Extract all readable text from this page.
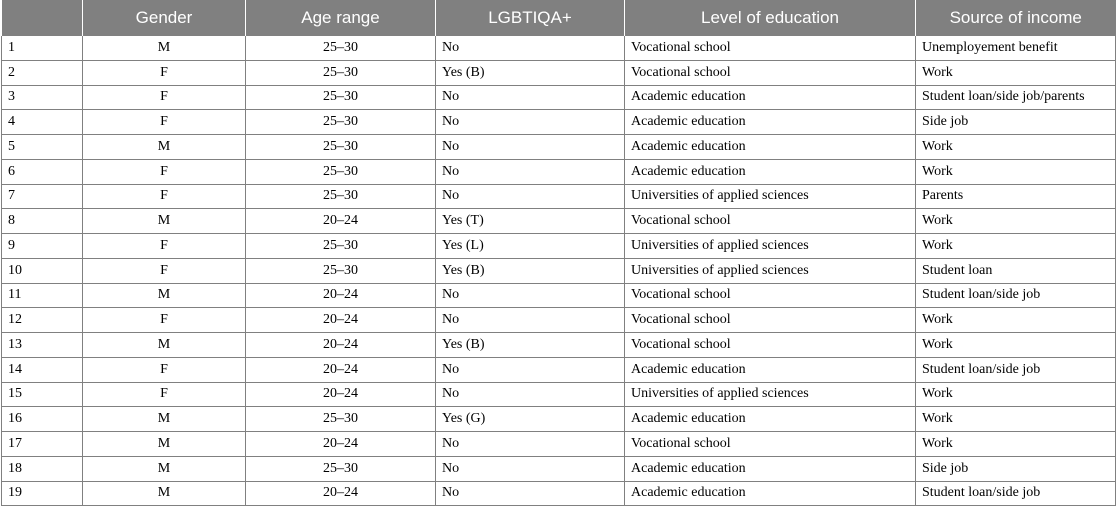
	Gender	Age range	LGBTIQA+	Level of education	Source of income
1	M	25–30	No	Vocational school	Unemployement benefit
2	F	25–30	Yes (B)	Vocational school	Work
3	F	25–30	No	Academic education	Student loan/side job/parents
4	F	25–30	No	Academic education	Side job
5	M	25–30	No	Academic education	Work
6	F	25–30	No	Academic education	Work
7	F	25–30	No	Universities of applied sciences	Parents
8	M	20–24	Yes (T)	Vocational school	Work
9	F	25–30	Yes (L)	Universities of applied sciences	Work
10	F	25–30	Yes (B)	Universities of applied sciences	Student loan
11	M	20–24	No	Vocational school	Student loan/side job
12	F	20–24	No	Vocational school	Work
13	M	20–24	Yes (B)	Vocational school	Work
14	F	20–24	No	Academic education	Student loan/side job
15	F	20–24	No	Universities of applied sciences	Work
16	M	25–30	Yes (G)	Academic education	Work
17	M	20–24	No	Vocational school	Work
18	M	25–30	No	Academic education	Side job
19	M	20–24	No	Academic education	Student loan/side job
